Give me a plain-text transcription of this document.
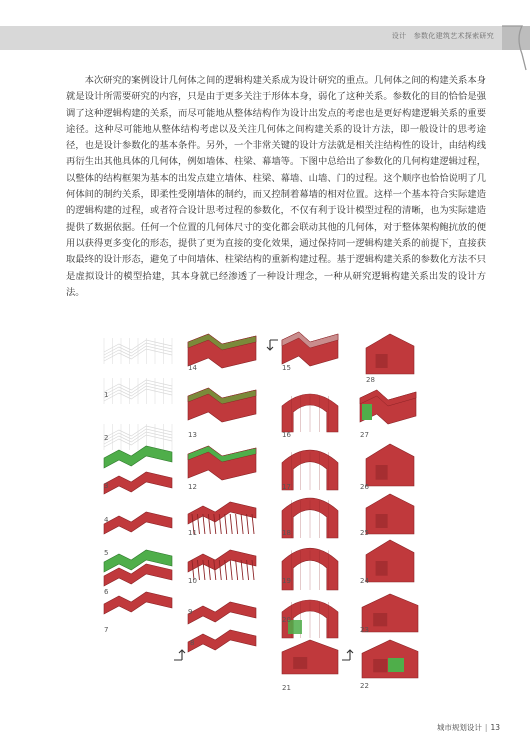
设计　参数化建筑艺术探索研究

本次研究的案例设计几何体之间的逻辑构建关系成为设计研究的重点。几何体之间的构建关系本身就是设计所需要研究的内容，只是由于更多关注于形体本身，弱化了这种关系。参数化的目的恰恰是强调了这种逻辑构建的关系，而尽可能地从整体结构作为设计出发点的考虑也是更好构建逻辑关系的重要途径。这种尽可能地从整体结构考虑以及关注几何体之间构建关系的设计方法，即一般设计的思考途径，也是设计参数化的基本条件。另外，一个非常关键的设计方法就是相关注结构性的设计，由结构线再衍生出其他具体的几何体，例如墙体、柱梁、幕墙等。下图中总给出了参数化的几何构建逻辑过程，以整体的结构框架为基本的出发点建立墙体、柱梁、幕墙、山墙、门的过程。这个顺序也恰恰说明了几何体间的制约关系，即柔性受刚墙体的制约，而又控制着幕墙的相对位置。这样一个基本符合实际建造的逻辑构建的过程，或者符合设计思考过程的参数化，不仅有利于设计模型过程的清晰，也为实际建造提供了数据依据。任何一个位置的几何体尺寸的变化都会联动其他的几何体，对于整体架构鲍抗放的便用以获得更多变化的形态，提供了更为直接的变化效果，通过保持同一逻辑构建关系的前提下，直接获取最终的设计形态，避免了中间墙体、柱梁结构的重新构建过程。基于逻辑构建关系的参数化方法不只是虚拟设计的模型拾建，其本身就已经渗透了一种设计理念，一种从研究逻辑构建关系出发的设计方法。

1
2
3
4
5
6
7
8
9
10
11
12
13
14	15
16
17
18
19
20
21	22
23
24
25
26
27
28
城市规划设计 | 13
